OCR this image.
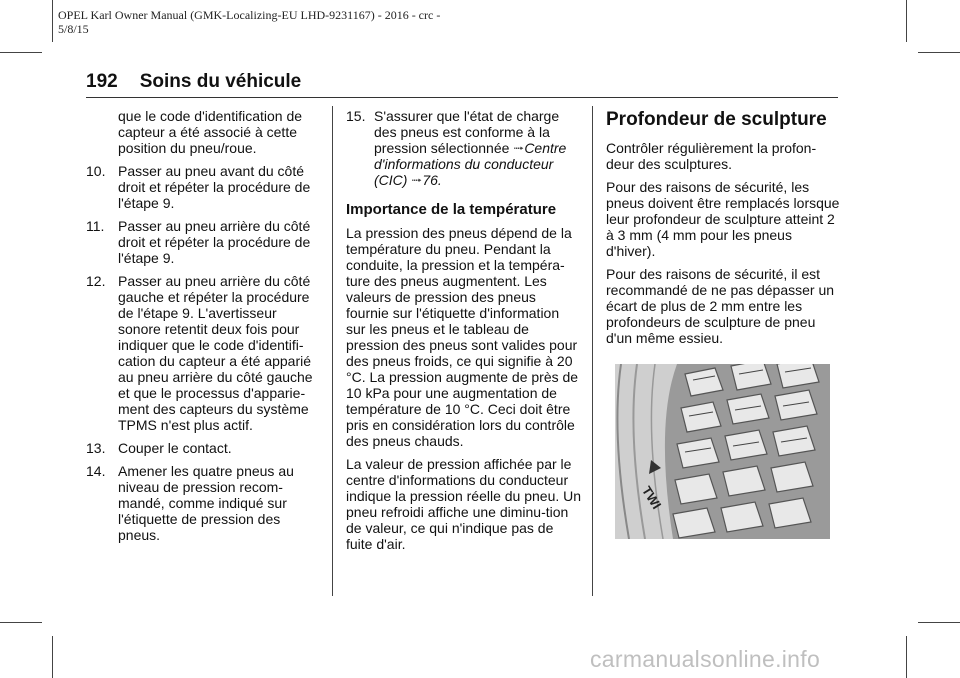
OPEL Karl Owner Manual (GMK-Localizing-EU LHD-9231167) - 2016 - crc -
5/8/15
192 Soins du véhicule
que le code d'identification de capteur a été associé à cette position du pneu/roue.
10. Passer au pneu avant du côté droit et répéter la procédure de l'étape 9.
11. Passer au pneu arrière du côté droit et répéter la procédure de l'étape 9.
12. Passer au pneu arrière du côté gauche et répéter la procédure de l'étape 9. L'avertisseur sonore retentit deux fois pour indiquer que le code d'identifi-cation du capteur a été apparié au pneu arrière du côté gauche et que le processus d'apparie-ment des capteurs du système TPMS n'est plus actif.
13. Couper le contact.
14. Amener les quatre pneus au niveau de pression recom-mandé, comme indiqué sur l'étiquette de pression des pneus.
15. S'assurer que l'état de charge des pneus est conforme à la pression sélectionnée ⭬Centre d'informations du conducteur (CIC) ⭬76.
Importance de la température

La pression des pneus dépend de la température du pneu. Pendant la conduite, la pression et la tempéra-ture des pneus augmentent. Les valeurs de pression des pneus fournie sur l'étiquette d'information sur les pneus et le tableau de pression des pneus sont valides pour des pneus froids, ce qui signifie à 20 °C. La pression augmente de près de 10 kPa pour une augmentation de température de 10 °C. Ceci doit être pris en considération lors du contrôle des pneus chauds.

La valeur de pression affichée par le centre d'informations du conducteur indique la pression réelle du pneu. Un pneu refroidi affiche une diminu-tion de valeur, ce qui n'indique pas de fuite d'air.

Profondeur de sculpture

Contrôler régulièrement la profon-deur des sculptures.

Pour des raisons de sécurité, les pneus doivent être remplacés lorsque leur profondeur de sculpture atteint 2 à 3 mm (4 mm pour les pneus d'hiver).

Pour des raisons de sécurité, il est recommandé de ne pas dépasser un écart de plus de 2 mm entre les profondeurs de sculpture de pneu d'un même essieu.

TWI
carmanualsonline.info
